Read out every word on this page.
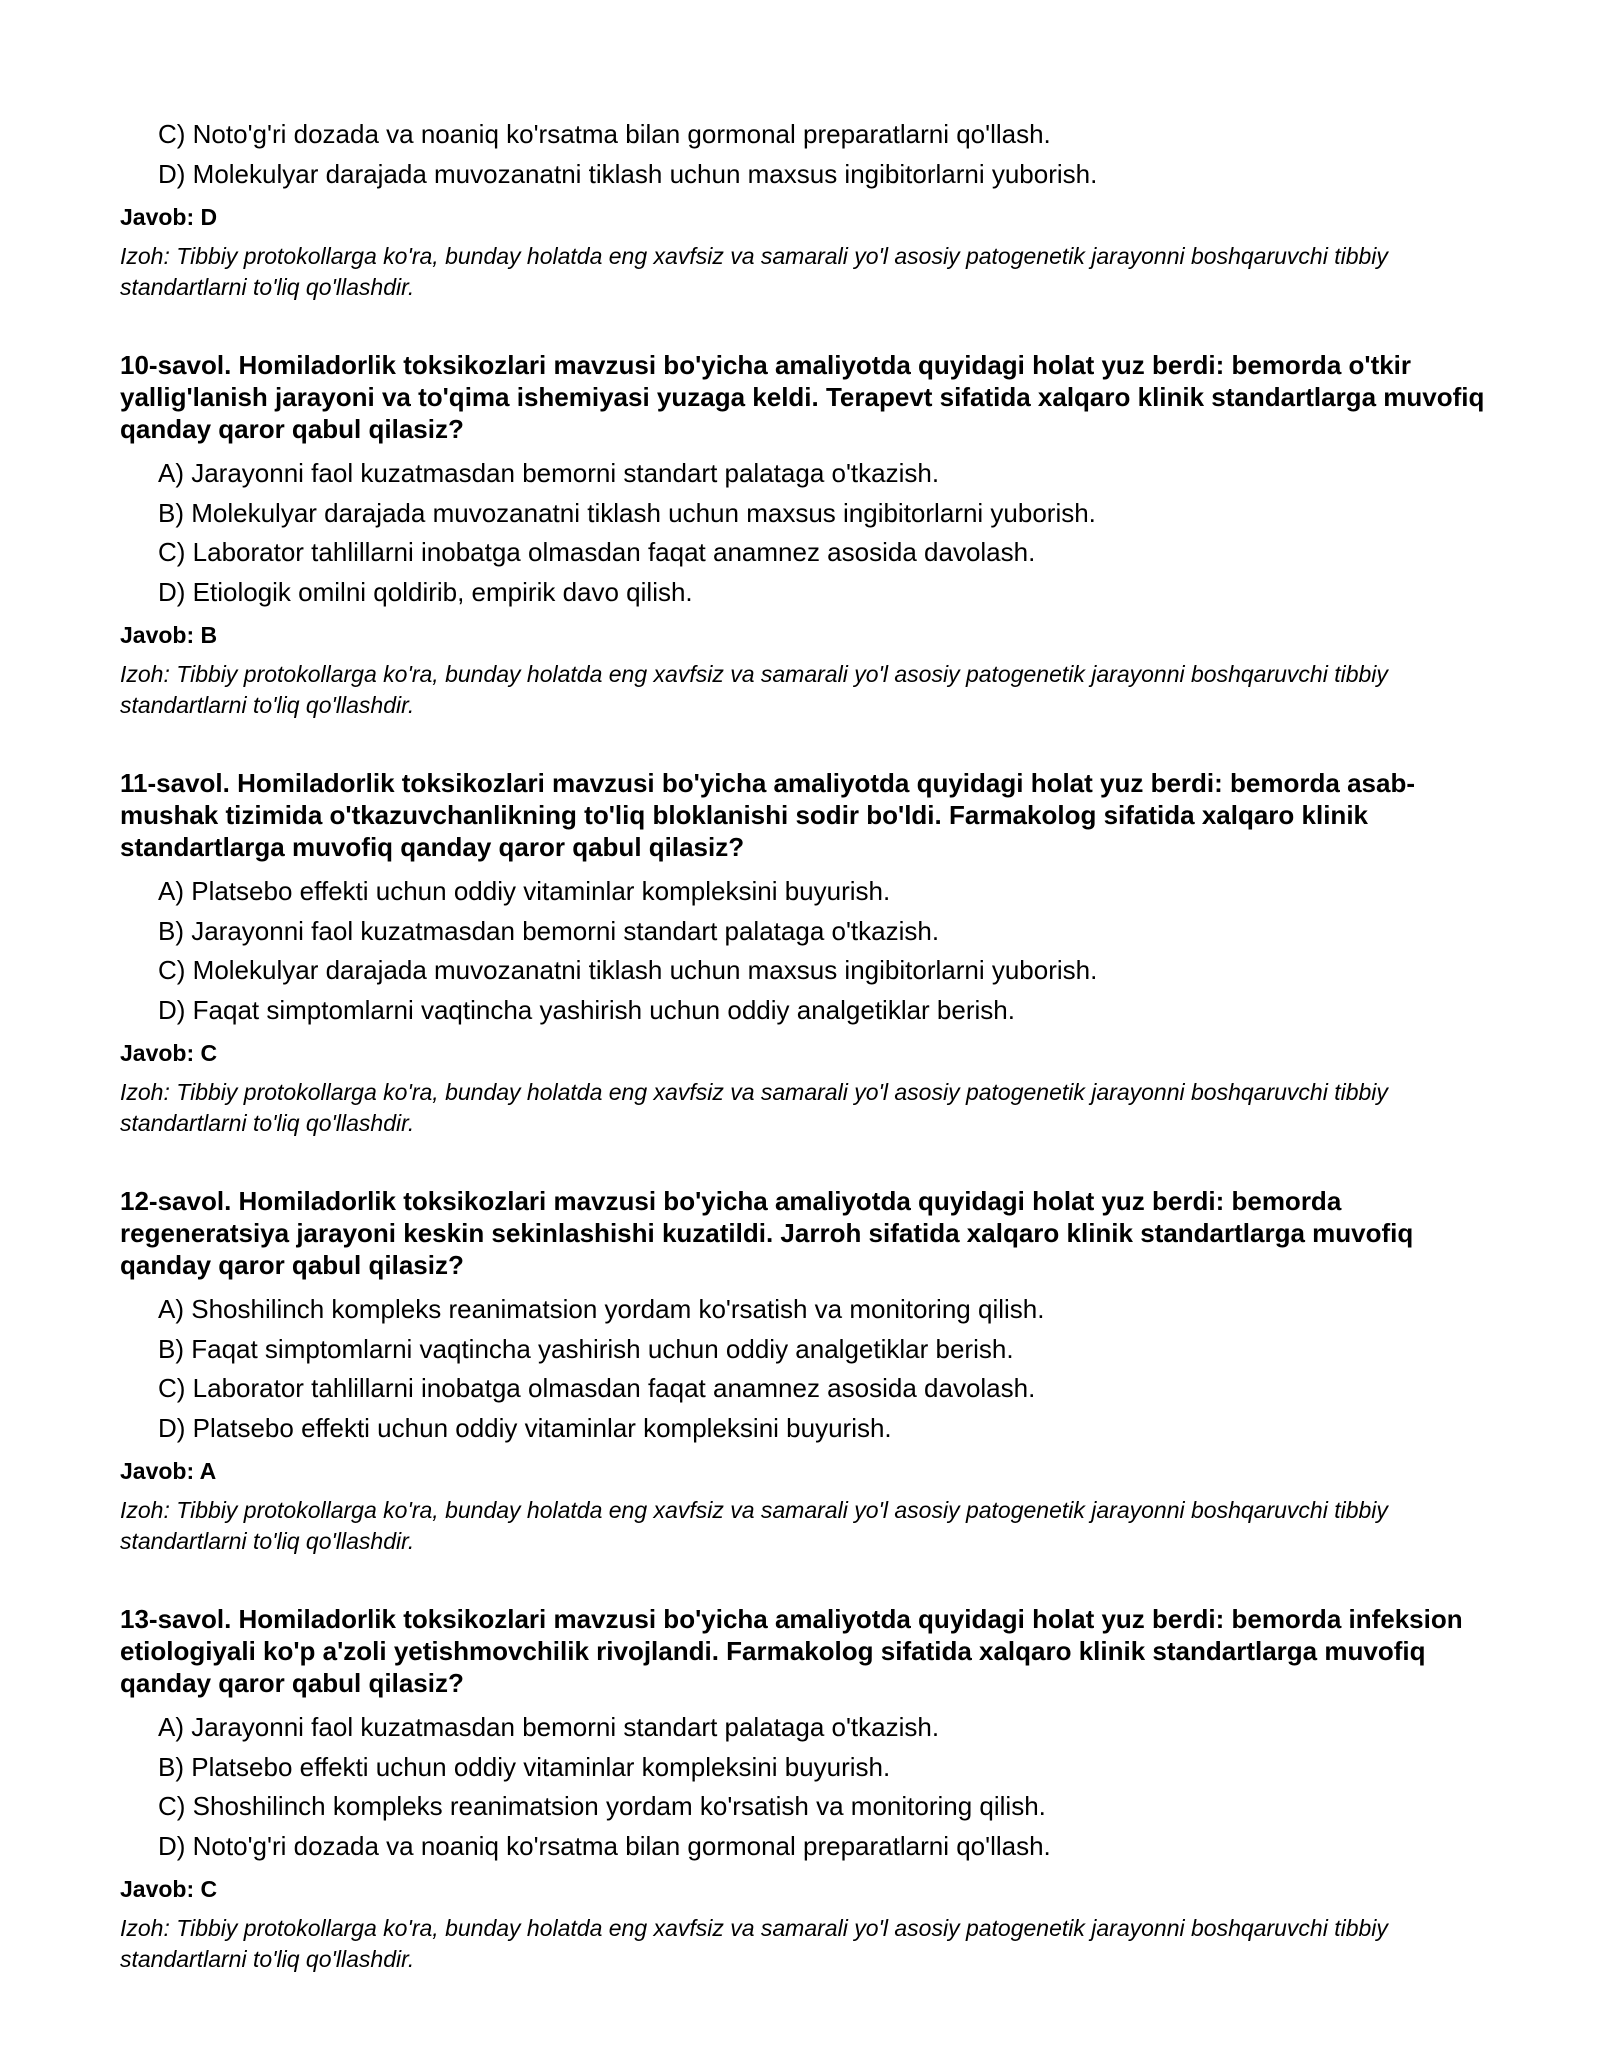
C) Noto'g'ri dozada va noaniq ko'rsatma bilan gormonal preparatlarni qo'llash.
D) Molekulyar darajada muvozanatni tiklash uchun maxsus ingibitorlarni yuborish.
Javob: D
Izoh: Tibbiy protokollarga ko'ra, bunday holatda eng xavfsiz va samarali yo'l asosiy patogenetik jarayonni boshqaruvchi tibbiy standartlarni to'liq qo'llashdir.
10-savol. Homiladorlik toksikozlari mavzusi bo'yicha amaliyotda quyidagi holat yuz berdi: bemorda o'tkir yallig'lanish jarayoni va to'qima ishemiyasi yuzaga keldi. Terapevt sifatida xalqaro klinik standartlarga muvofiq qanday qaror qabul qilasiz?
A) Jarayonni faol kuzatmasdan bemorni standart palataga o'tkazish.
B) Molekulyar darajada muvozanatni tiklash uchun maxsus ingibitorlarni yuborish.
C) Laborator tahlillarni inobatga olmasdan faqat anamnez asosida davolash.
D) Etiologik omilni qoldirib, empirik davo qilish.
Javob: B
Izoh: Tibbiy protokollarga ko'ra, bunday holatda eng xavfsiz va samarali yo'l asosiy patogenetik jarayonni boshqaruvchi tibbiy standartlarni to'liq qo'llashdir.
11-savol. Homiladorlik toksikozlari mavzusi bo'yicha amaliyotda quyidagi holat yuz berdi: bemorda asab-mushak tizimida o'tkazuvchanlikning to'liq bloklanishi sodir bo'ldi. Farmakolog sifatida xalqaro klinik standartlarga muvofiq qanday qaror qabul qilasiz?
A) Platsebo effekti uchun oddiy vitaminlar kompleksini buyurish.
B) Jarayonni faol kuzatmasdan bemorni standart palataga o'tkazish.
C) Molekulyar darajada muvozanatni tiklash uchun maxsus ingibitorlarni yuborish.
D) Faqat simptomlarni vaqtincha yashirish uchun oddiy analgetiklar berish.
Javob: C
Izoh: Tibbiy protokollarga ko'ra, bunday holatda eng xavfsiz va samarali yo'l asosiy patogenetik jarayonni boshqaruvchi tibbiy standartlarni to'liq qo'llashdir.
12-savol. Homiladorlik toksikozlari mavzusi bo'yicha amaliyotda quyidagi holat yuz berdi: bemorda regeneratsiya jarayoni keskin sekinlashishi kuzatildi. Jarroh sifatida xalqaro klinik standartlarga muvofiq qanday qaror qabul qilasiz?
A) Shoshilinch kompleks reanimatsion yordam ko'rsatish va monitoring qilish.
B) Faqat simptomlarni vaqtincha yashirish uchun oddiy analgetiklar berish.
C) Laborator tahlillarni inobatga olmasdan faqat anamnez asosida davolash.
D) Platsebo effekti uchun oddiy vitaminlar kompleksini buyurish.
Javob: A
Izoh: Tibbiy protokollarga ko'ra, bunday holatda eng xavfsiz va samarali yo'l asosiy patogenetik jarayonni boshqaruvchi tibbiy standartlarni to'liq qo'llashdir.
13-savol. Homiladorlik toksikozlari mavzusi bo'yicha amaliyotda quyidagi holat yuz berdi: bemorda infeksion etiologiyali ko'p a'zoli yetishmovchilik rivojlandi. Farmakolog sifatida xalqaro klinik standartlarga muvofiq qanday qaror qabul qilasiz?
A) Jarayonni faol kuzatmasdan bemorni standart palataga o'tkazish.
B) Platsebo effekti uchun oddiy vitaminlar kompleksini buyurish.
C) Shoshilinch kompleks reanimatsion yordam ko'rsatish va monitoring qilish.
D) Noto'g'ri dozada va noaniq ko'rsatma bilan gormonal preparatlarni qo'llash.
Javob: C
Izoh: Tibbiy protokollarga ko'ra, bunday holatda eng xavfsiz va samarali yo'l asosiy patogenetik jarayonni boshqaruvchi tibbiy standartlarni to'liq qo'llashdir.
